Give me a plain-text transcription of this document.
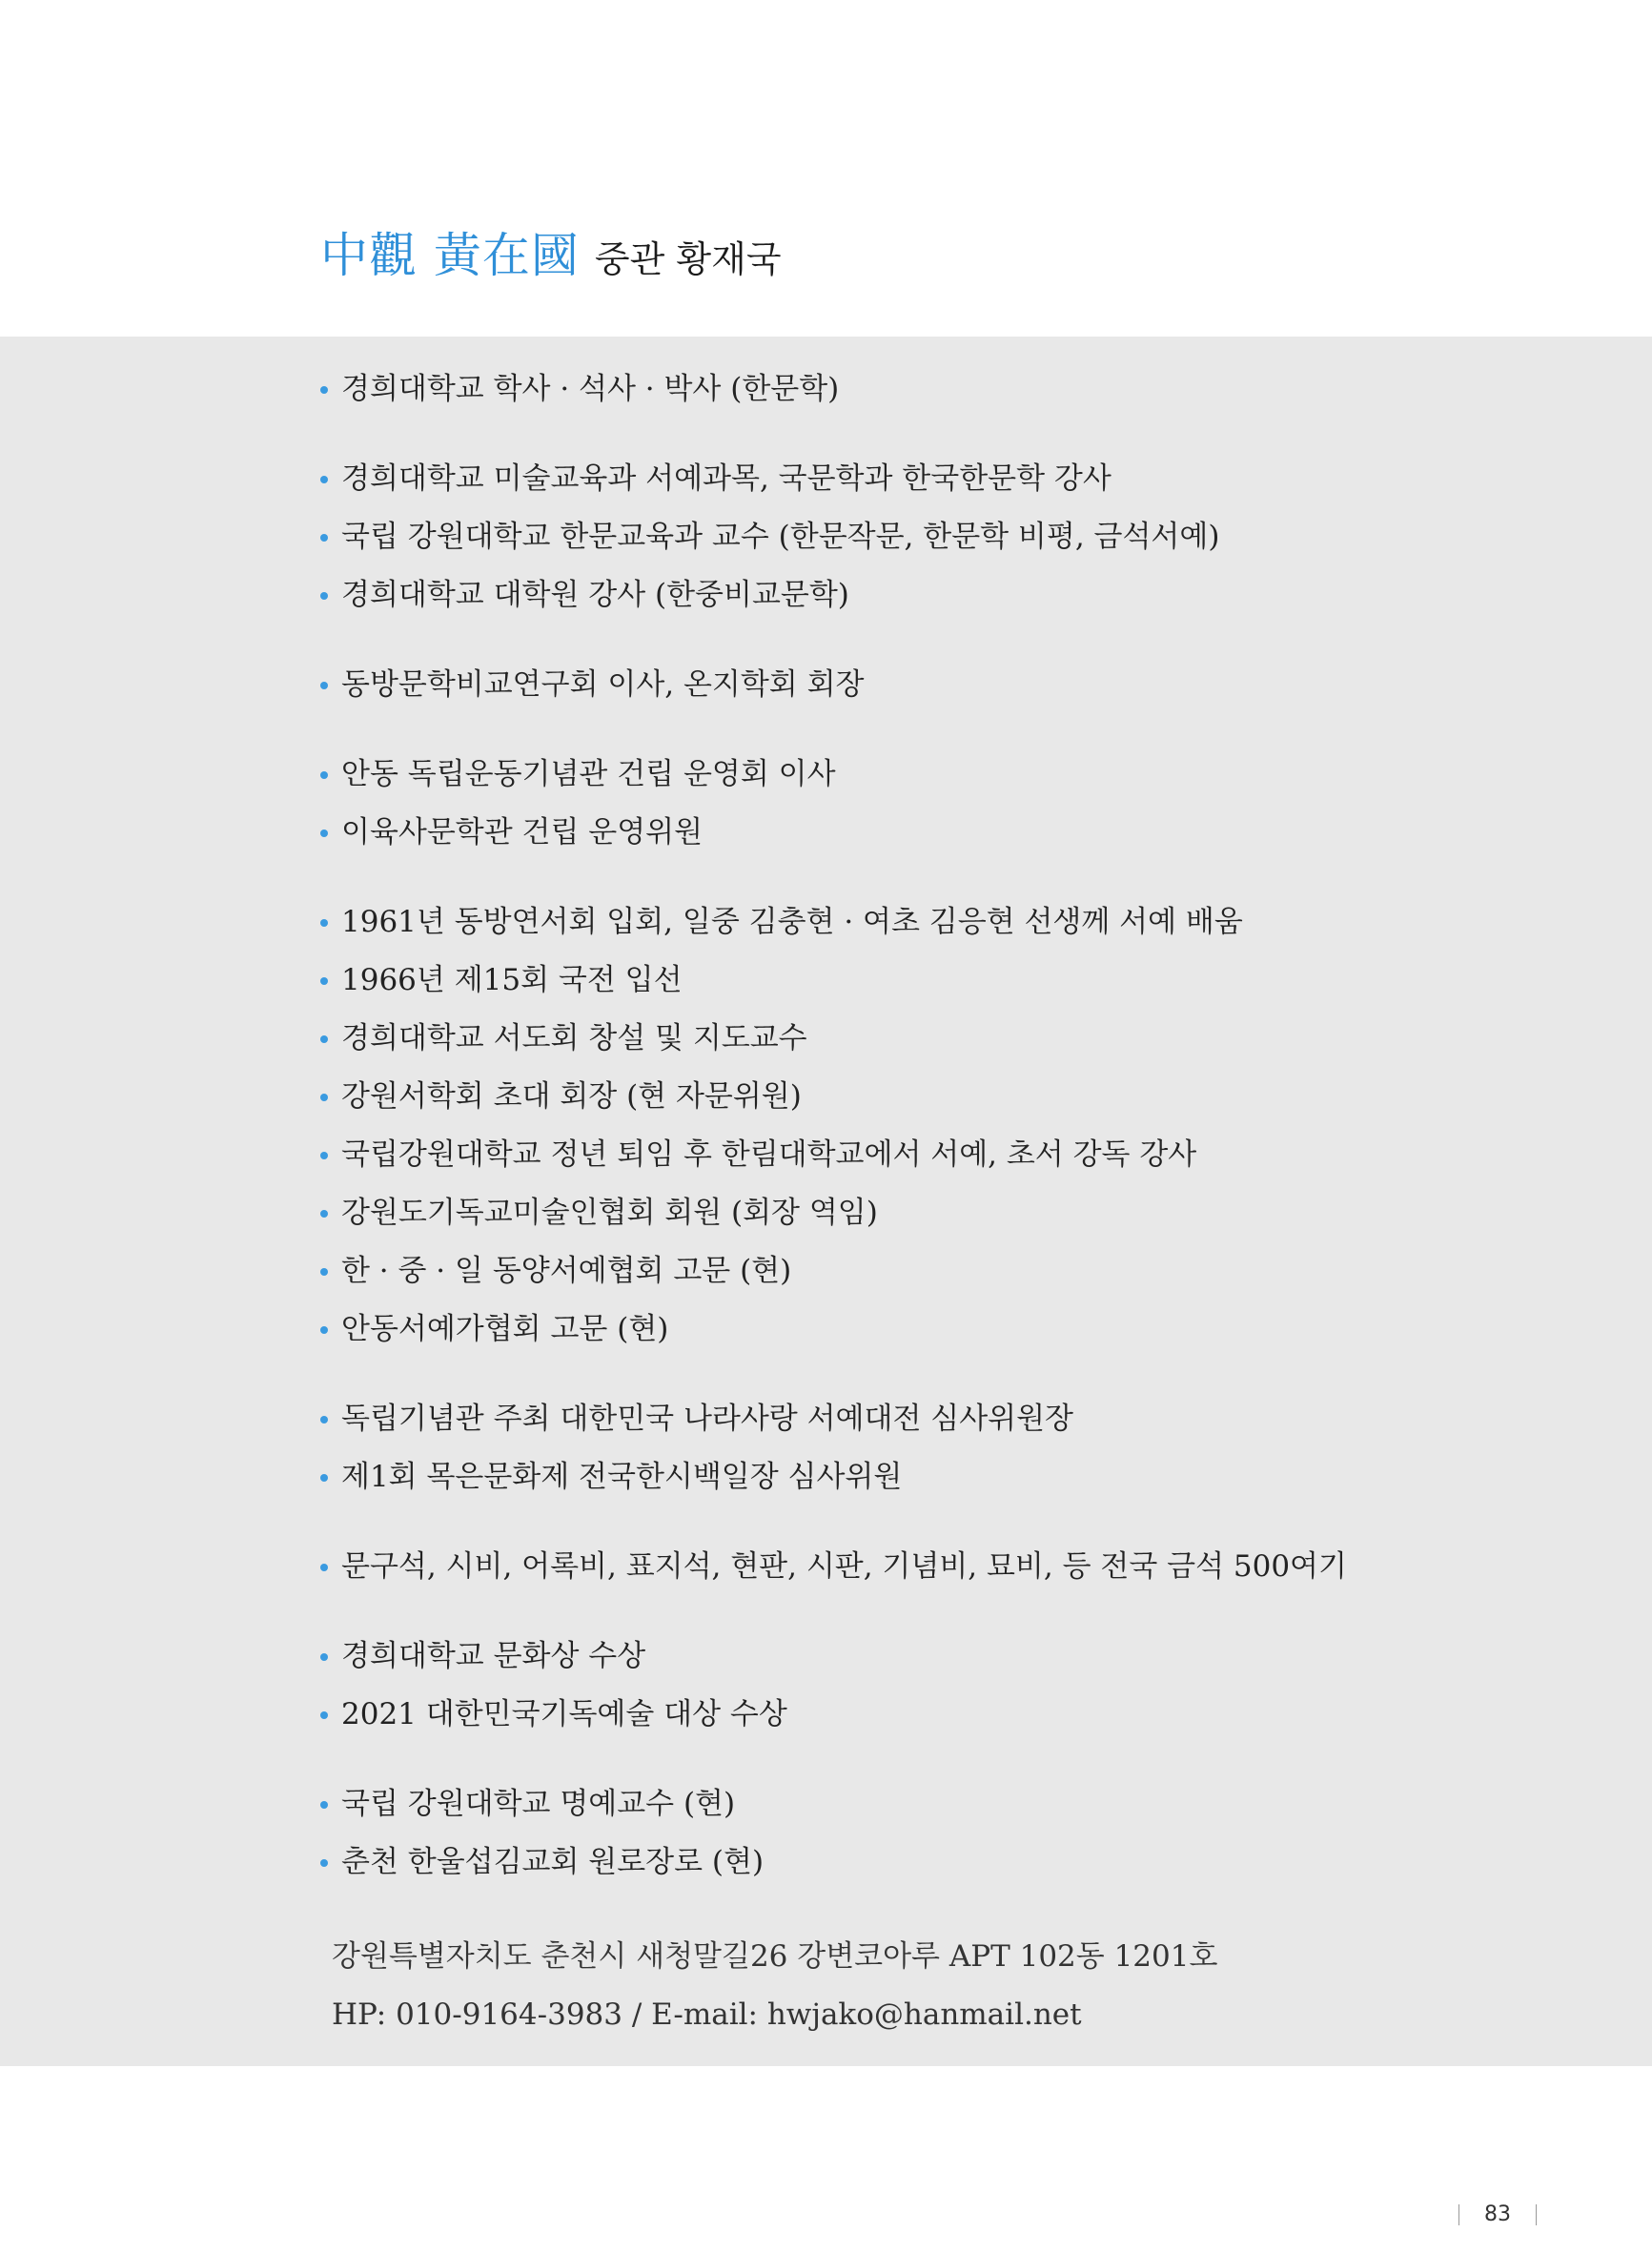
中觀 黃在國 중관 황재국
경희대학교 학사 · 석사 · 박사 (한문학)
경희대학교 미술교육과 서예과목, 국문학과 한국한문학 강사
국립 강원대학교 한문교육과 교수 (한문작문, 한문학 비평, 금석서예)
경희대학교 대학원 강사 (한중비교문학)
동방문학비교연구회 이사, 온지학회 회장
안동 독립운동기념관 건립 운영회 이사
이육사문학관 건립 운영위원
1961년 동방연서회 입회, 일중 김충현 · 여초 김응현 선생께 서예 배움
1966년 제15회 국전 입선
경희대학교 서도회 창설 및 지도교수
강원서학회 초대 회장 (현 자문위원)
국립강원대학교 정년 퇴임 후 한림대학교에서 서예, 초서 강독 강사
강원도기독교미술인협회 회원 (회장 역임)
한 · 중 · 일 동양서예협회 고문 (현)
안동서예가협회 고문 (현)
독립기념관 주최 대한민국 나라사랑 서예대전 심사위원장
제1회 목은문화제 전국한시백일장 심사위원
문구석, 시비, 어록비, 표지석, 현판, 시판, 기념비, 묘비, 등 전국 금석 500여기
경희대학교 문화상 수상
2021 대한민국기독예술 대상 수상
국립 강원대학교 명예교수 (현)
춘천 한울섭김교회 원로장로 (현)
강원특별자치도 춘천시 새청말길26 강변코아루 APT 102동 1201호
HP: 010-9164-3983 / E-mail: hwjako@hanmail.net
83
